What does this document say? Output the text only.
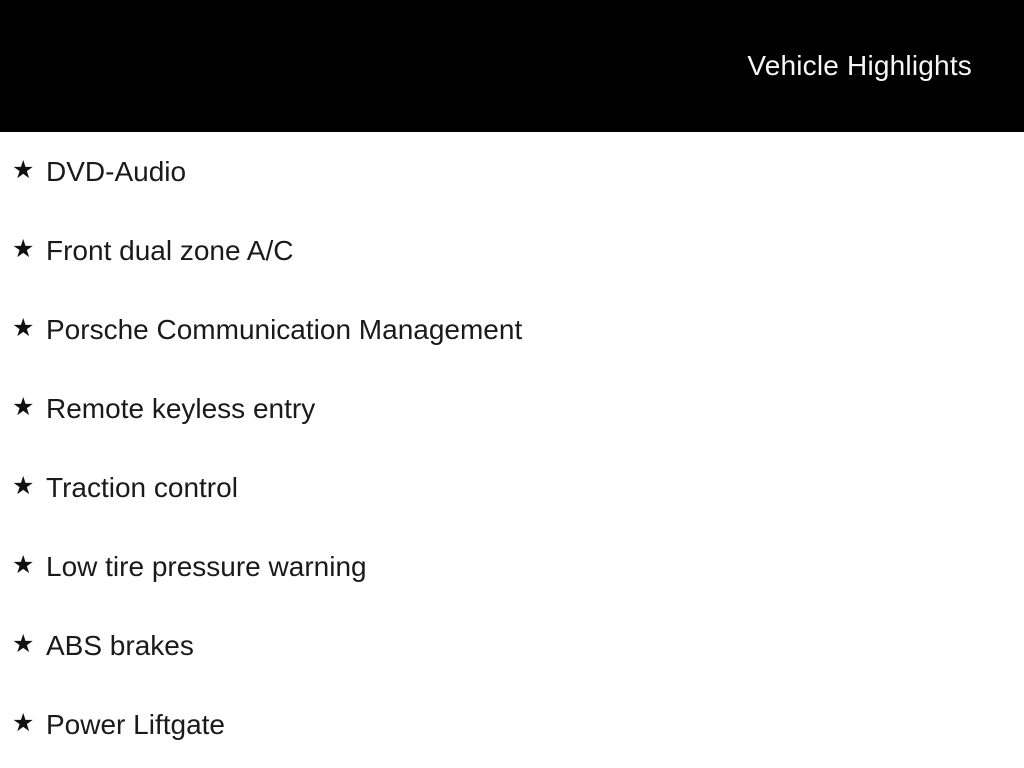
Vehicle Highlights
★ DVD-Audio
★ Front dual zone A/C
★ Porsche Communication Management
★ Remote keyless entry
★ Traction control
★ Low tire pressure warning
★ ABS brakes
★ Power Liftgate
